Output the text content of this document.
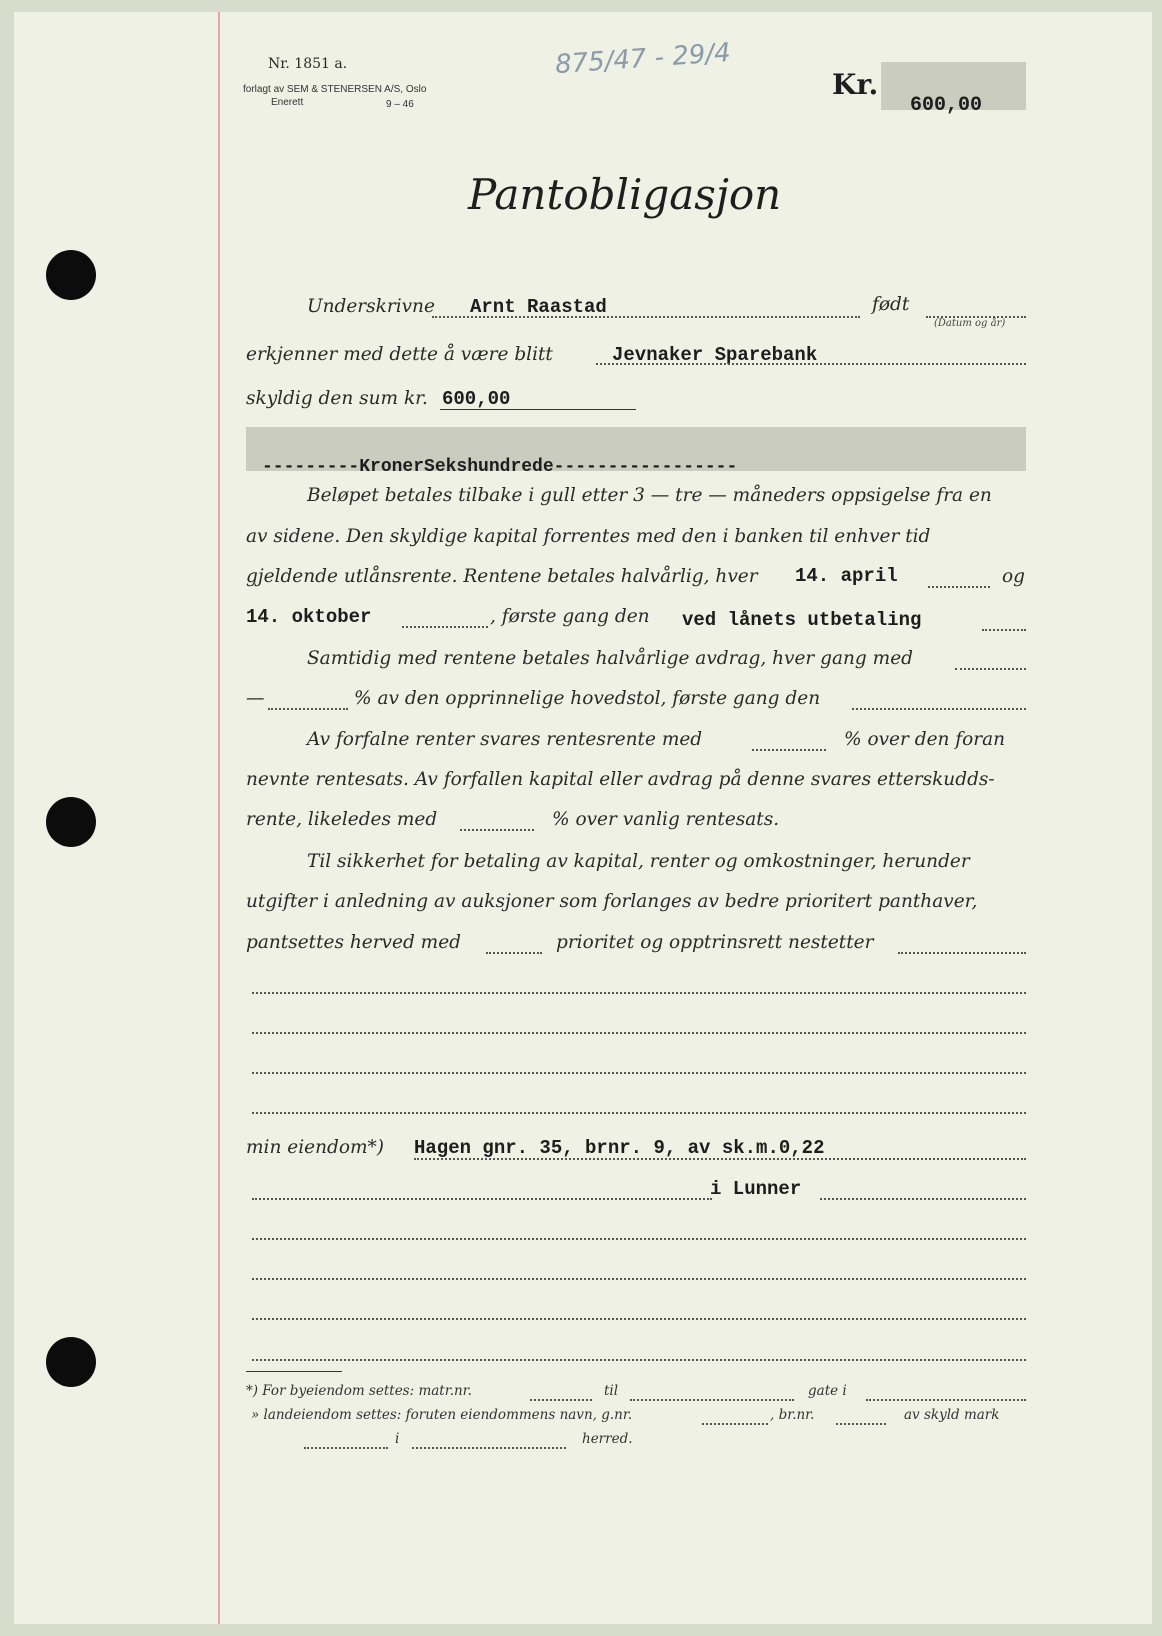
Nr. 1851 a.
forlagt av SEM & STENERSEN A/S, Oslo
Enerett	9 – 46
875/47 - 29/4
Kr.
600,00
Pantobligasjon
Underskrivne Arnt Raastad	født
(Datum og år)
erkjenner med dette å være blitt	Jevnaker Sparebank
skyldig den sum kr. 600,00
---------KronerSekshundrede-----------------
Beløpet betales tilbake i gull etter 3 — tre — måneders oppsigelse fra en
av sidene. Den skyldige kapital forrentes med den i banken til enhver tid
gjeldende utlånsrente. Rentene betales halvårlig, hver 14. april	og
14. oktober	, første gang den ved lånets utbetaling
Samtidig med rentene betales halvårlige avdrag, hver gang med
—	% av den opprinnelige hovedstol, første gang den
Av forfalne renter svares rentesrente med	% over den foran
nevnte rentesats. Av forfallen kapital eller avdrag på denne svares etterskudds-
rente, likeledes med	% over vanlig rentesats.
Til sikkerhet for betaling av kapital, renter og omkostninger, herunder
utgifter i anledning av auksjoner som forlanges av bedre prioritert panthaver,
pantsettes herved med	prioritet og opptrinsrett nestetter
min eiendom*) Hagen gnr. 35, brnr. 9, av sk.m.0,22
i Lunner
*) For byeiendom settes: matr.nr.	til	gate i
» landeiendom settes: foruten eiendommens navn, g.nr.	, br.nr.	av skyld mark
i	herred.
